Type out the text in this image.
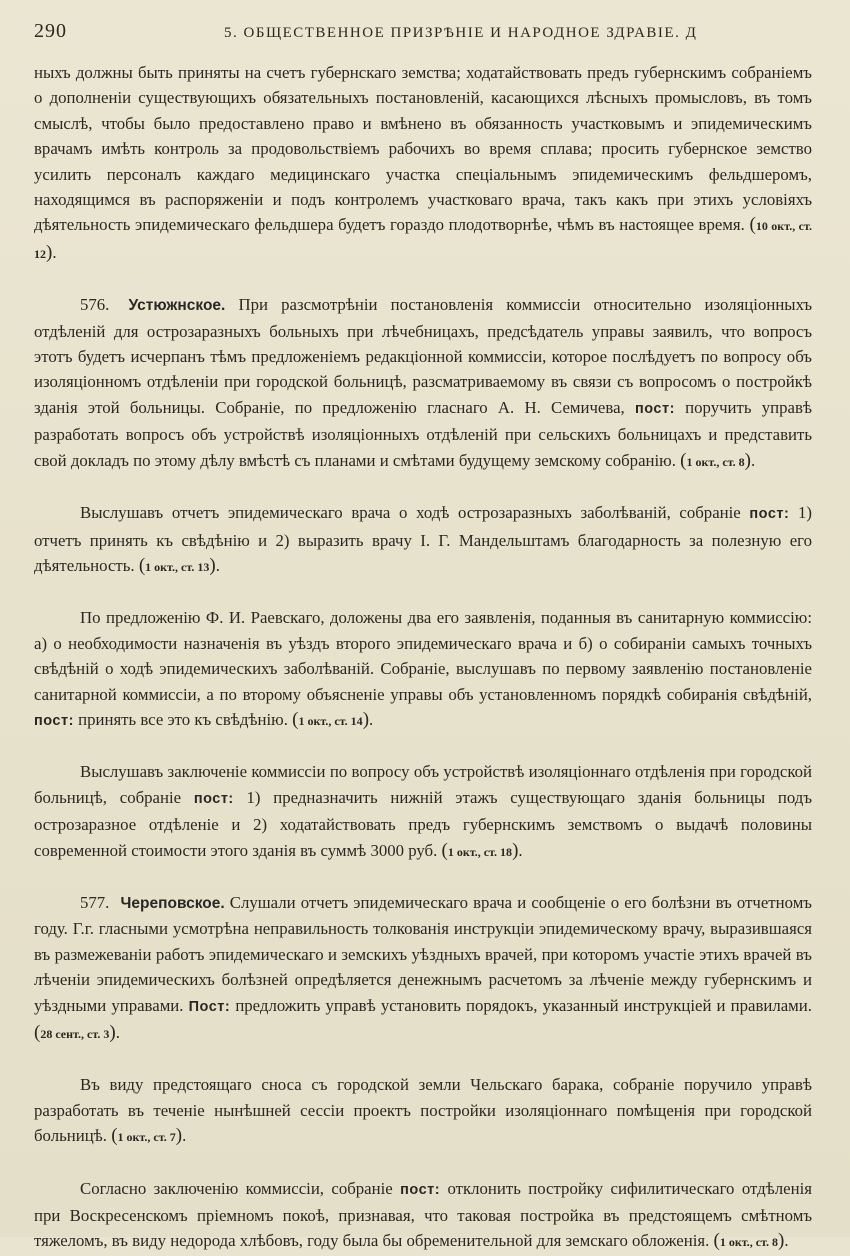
290	5. ОБЩЕСТВЕННОЕ ПРИЗРѢНІЕ И НАРОДНОЕ ЗДРАВІЕ. Д

ныхъ должны быть приняты на счетъ губернскаго земства; ходатайствовать предъ губернскимъ собраніемъ о дополненіи существующихъ обязательныхъ постановленій, касающихся лѣсныхъ промысловъ, въ томъ смыслѣ, чтобы было предоставлено право и вмѣнено въ обязанность участковымъ и эпидемическимъ врачамъ имѣть контроль за продовольствіемъ рабочихъ во время сплава; просить губернское земство усилить персоналъ каждаго медицинскаго участка спеціальнымъ эпидемическимъ фельдшеромъ, находящимся въ распоряженіи и подъ контролемъ участковаго врача, такъ какъ при этихъ условіяхъ дѣятельность эпидемическаго фельдшера будетъ гораздо плодотворнѣе, чѣмъ въ настоящее время. (10 окт., ст. 12).

576. Устюжнское. При разсмотрѣніи постановленія коммиссіи относительно изоляціонныхъ отдѣленій для острозаразныхъ больныхъ при лѣчебницахъ, предсѣдатель управы заявилъ, что вопросъ этотъ будетъ исчерпанъ тѣмъ предложеніемъ редакціонной коммиссіи, которое послѣдуетъ по вопросу объ изоляціонномъ отдѣленіи при городской больницѣ, разсматриваемому въ связи съ вопросомъ о постройкѣ зданія этой больницы. Собраніе, по предложенію гласнаго А. Н. Семичева, пост: поручить управѣ разработать вопросъ объ устройствѣ изоляціонныхъ отдѣленій при сельскихъ больницахъ и представить свой докладъ по этому дѣлу вмѣстѣ съ планами и смѣтами будущему земскому собранію. (1 окт., ст. 8).

Выслушавъ отчетъ эпидемическаго врача о ходѣ острозаразныхъ заболѣваній, собраніе пост: 1) отчетъ принять къ свѣдѣнію и 2) выразить врачу І. Г. Мандельштамъ благодарность за полезную его дѣятельность. (1 окт., ст. 13).

По предложенію Ф. И. Раевскаго, доложены два его заявленія, поданныя въ санитарную коммиссію: а) о необходимости назначенія въ уѣздъ второго эпидемическаго врача и б) о собираніи самыхъ точныхъ свѣдѣній о ходѣ эпидемическихъ заболѣваній. Собраніе, выслушавъ по первому заявленію постановленіе санитарной коммиссіи, а по второму объясненіе управы объ установленномъ порядкѣ собиранія свѣдѣній, пост: принять все это къ свѣдѣнію. (1 окт., ст. 14).

Выслушавъ заключеніе коммиссіи по вопросу объ устройствѣ изоляціоннаго отдѣленія при городской больницѣ, собраніе пост: 1) предназначить нижній этажъ существующаго зданія больницы подъ острозаразное отдѣленіе и 2) ходатайствовать предъ губернскимъ земствомъ о выдачѣ половины современной стоимости этого зданія въ суммѣ 3000 руб. (1 окт., ст. 18).

577. Череповское. Слушали отчетъ эпидемическаго врача и сообщеніе о его болѣзни въ отчетномъ году. Г.г. гласными усмотрѣна неправильность толкованія инструкціи эпидемическому врачу, выразившаяся въ размежеваніи работъ эпидемическаго и земскихъ уѣздныхъ врачей, при которомъ участіе этихъ врачей въ лѣченіи эпидемическихъ болѣзней опредѣляется денежнымъ расчетомъ за лѣченіе между губернскимъ и уѣздными управами. Пост: предложить управѣ установить порядокъ, указанный инструкціей и правилами. (28 сент., ст. 3).

Въ виду предстоящаго сноса съ городской земли Чельскаго барака, собраніе поручило управѣ разработать въ теченіе нынѣшней сессіи проектъ постройки изоляціоннаго помѣщенія при городской больницѣ. (1 окт., ст. 7).

Согласно заключенію коммиссіи, собраніе пост: отклонить постройку сифилитическаго отдѣленія при Воскресенскомъ пріемномъ покоѣ, признавая, что таковая постройка въ предстоящемъ смѣтномъ тяжеломъ, въ виду недорода хлѣбовъ, году была бы обременительной для земскаго обложенія. (1 окт., ст. 8).
